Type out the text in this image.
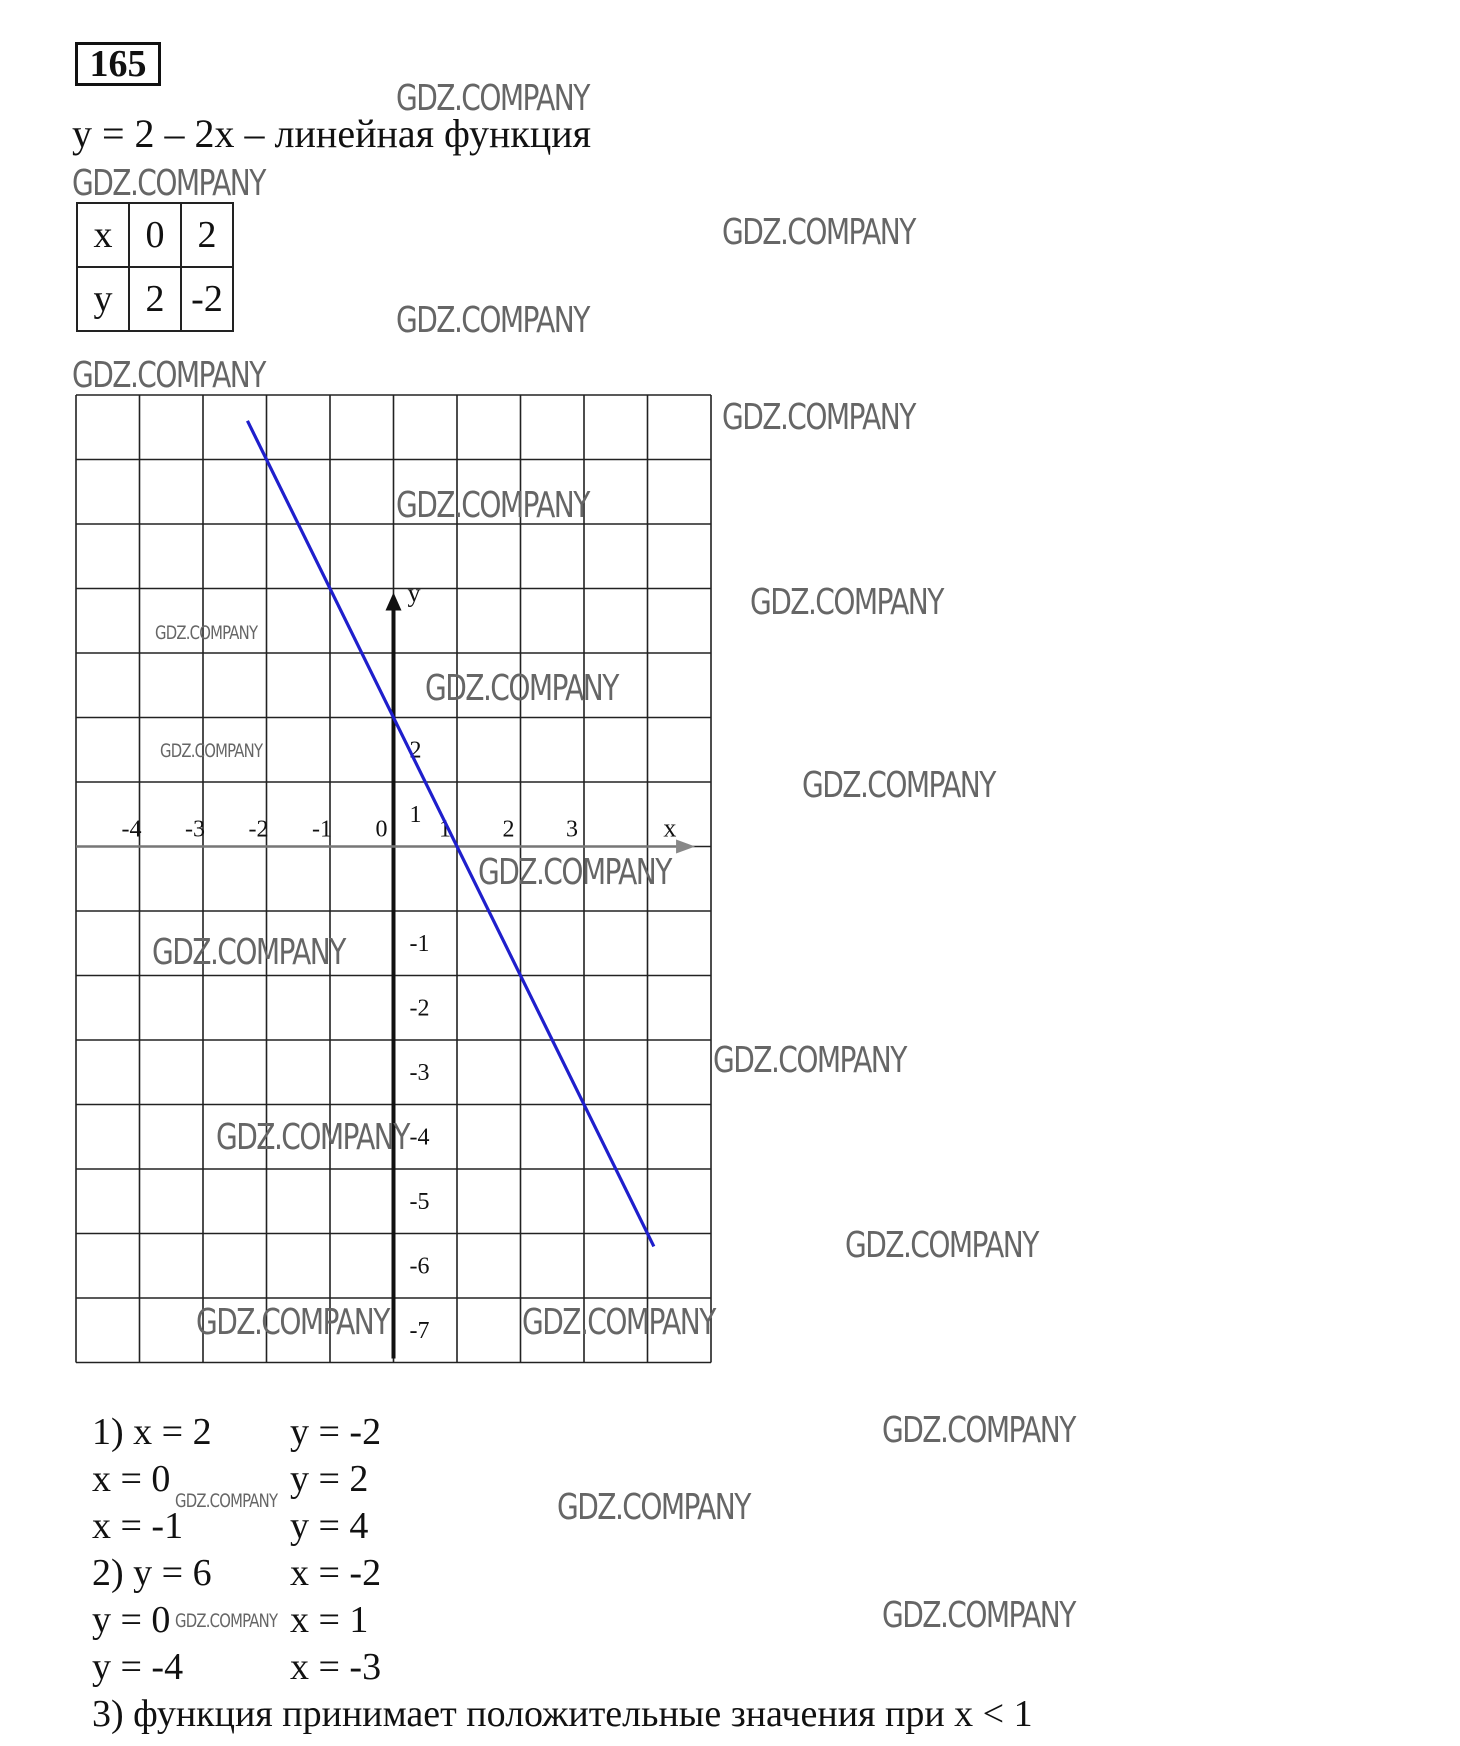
165
y = 2 – 2x – линейная функция
x	0	2
y	2	-2
-4 -3 -2 -1 0 1 2 3
2
1
-1
-2
-3
-4
-5
-6
-7
y
x
1) x = 2 y = -2
x = 0	y = 2
x = -1	y = 4
2) y = 6 x = -2
y = 0	x = 1
y = -4	x = -3
3) функция принимает положительные значения при x < 1
GDZ.COMPANY
GDZ.COMPANY
GDZ.COMPANY
GDZ.COMPANY
GDZ.COMPANY
GDZ.COMPANY
GDZ.COMPANY
GDZ.COMPANY
GDZ.COMPANY
GDZ.COMPANY
GDZ.COMPANY
GDZ.COMPANY
GDZ.COMPANY
GDZ.COMPANY
GDZ.COMPANY
GDZ.COMPANY
GDZ.COMPANY
GDZ.COMPANY	GDZ.COMPANY
GDZ.COMPANY
GDZ.COMPANY
GDZ.COMPANY
GDZ.COMPANY
GDZ.COMPANY
